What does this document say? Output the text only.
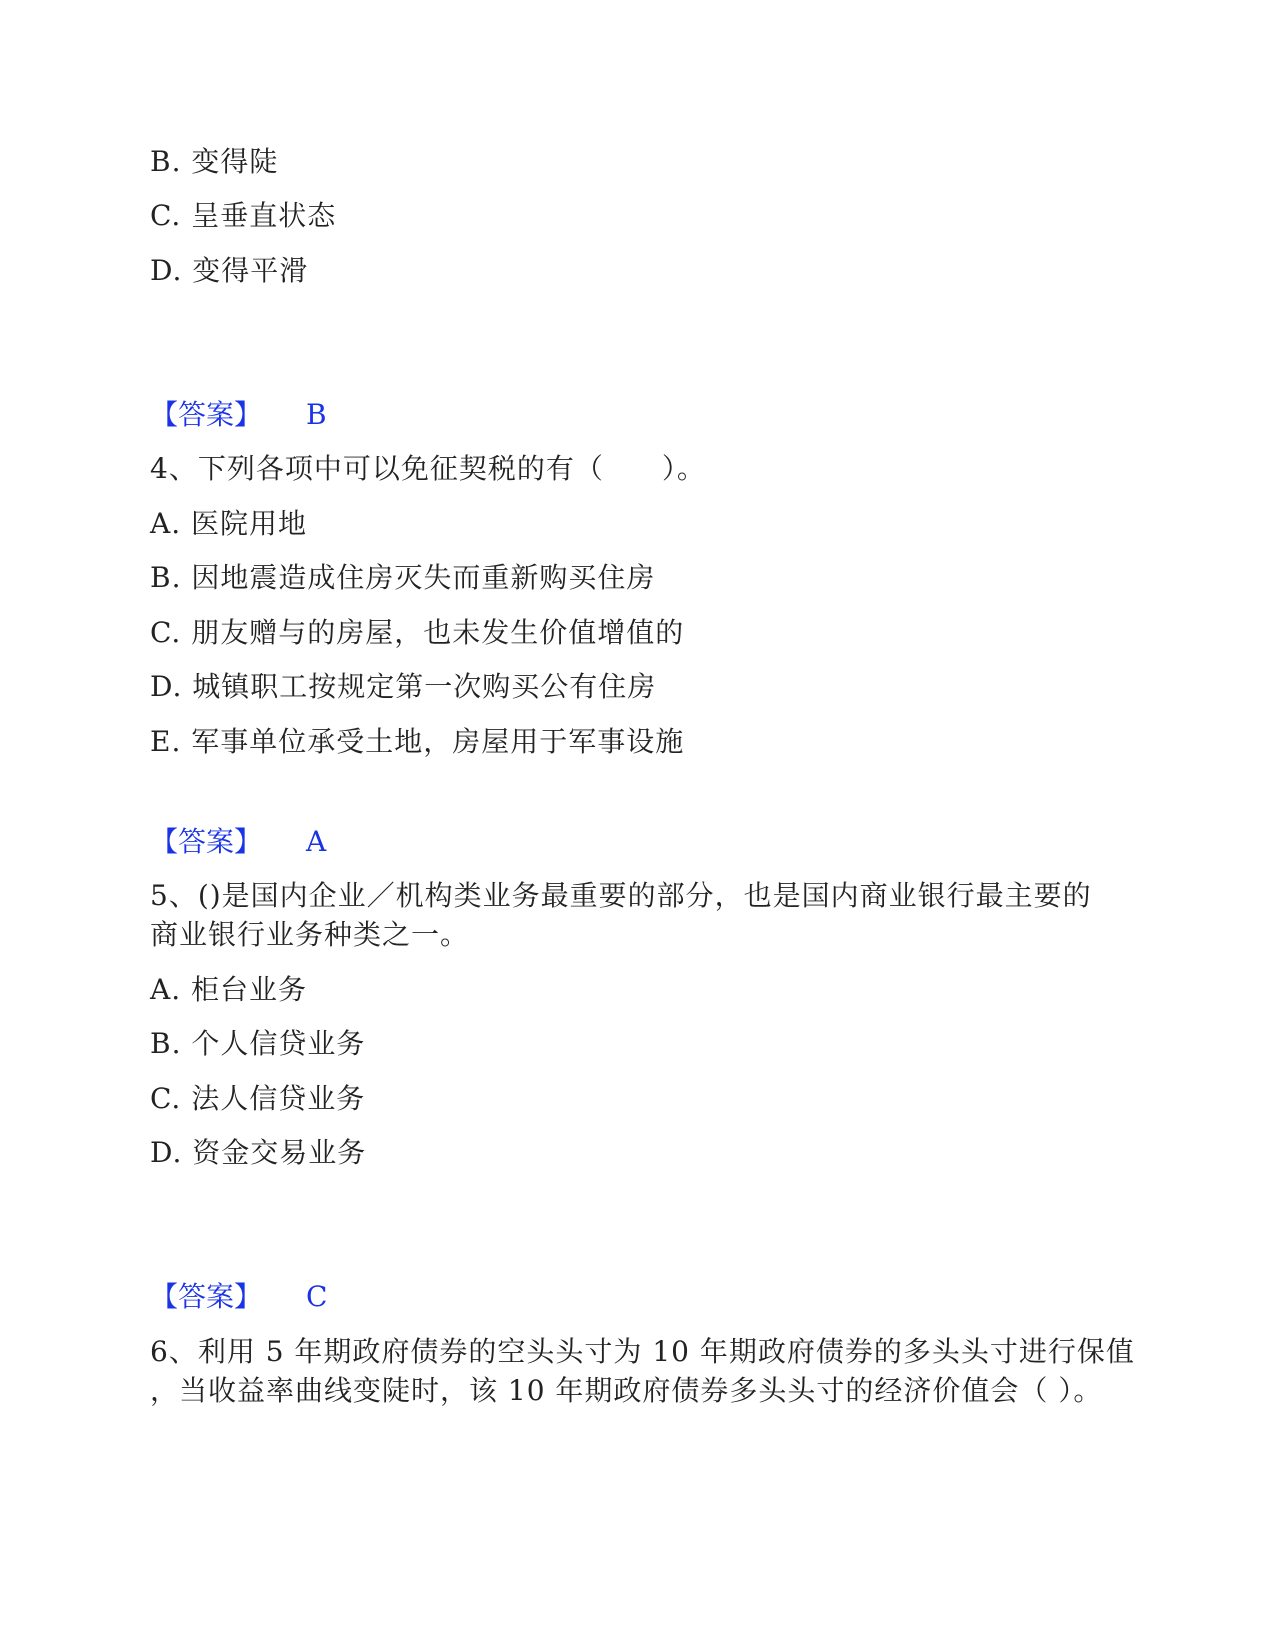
B. 变得陡
C. 呈垂直状态
D. 变得平滑
【答案】 B
4、下列各项中可以免征契税的有（　　）。
A. 医院用地
B. 因地震造成住房灭失而重新购买住房
C. 朋友赠与的房屋，也未发生价值增值的
D. 城镇职工按规定第一次购买公有住房
E. 军事单位承受土地，房屋用于军事设施
【答案】 A
5、()是国内企业／机构类业务最重要的部分，也是国内商业银行最主要的
商业银行业务种类之一。
A. 柜台业务
B. 个人信贷业务
C. 法人信贷业务
D. 资金交易业务
【答案】 C
6、利用 5 年期政府债券的空头头寸为 10 年期政府债券的多头头寸进行保值
，当收益率曲线变陡时，该 10 年期政府债券多头头寸的经济价值会（ ）。
